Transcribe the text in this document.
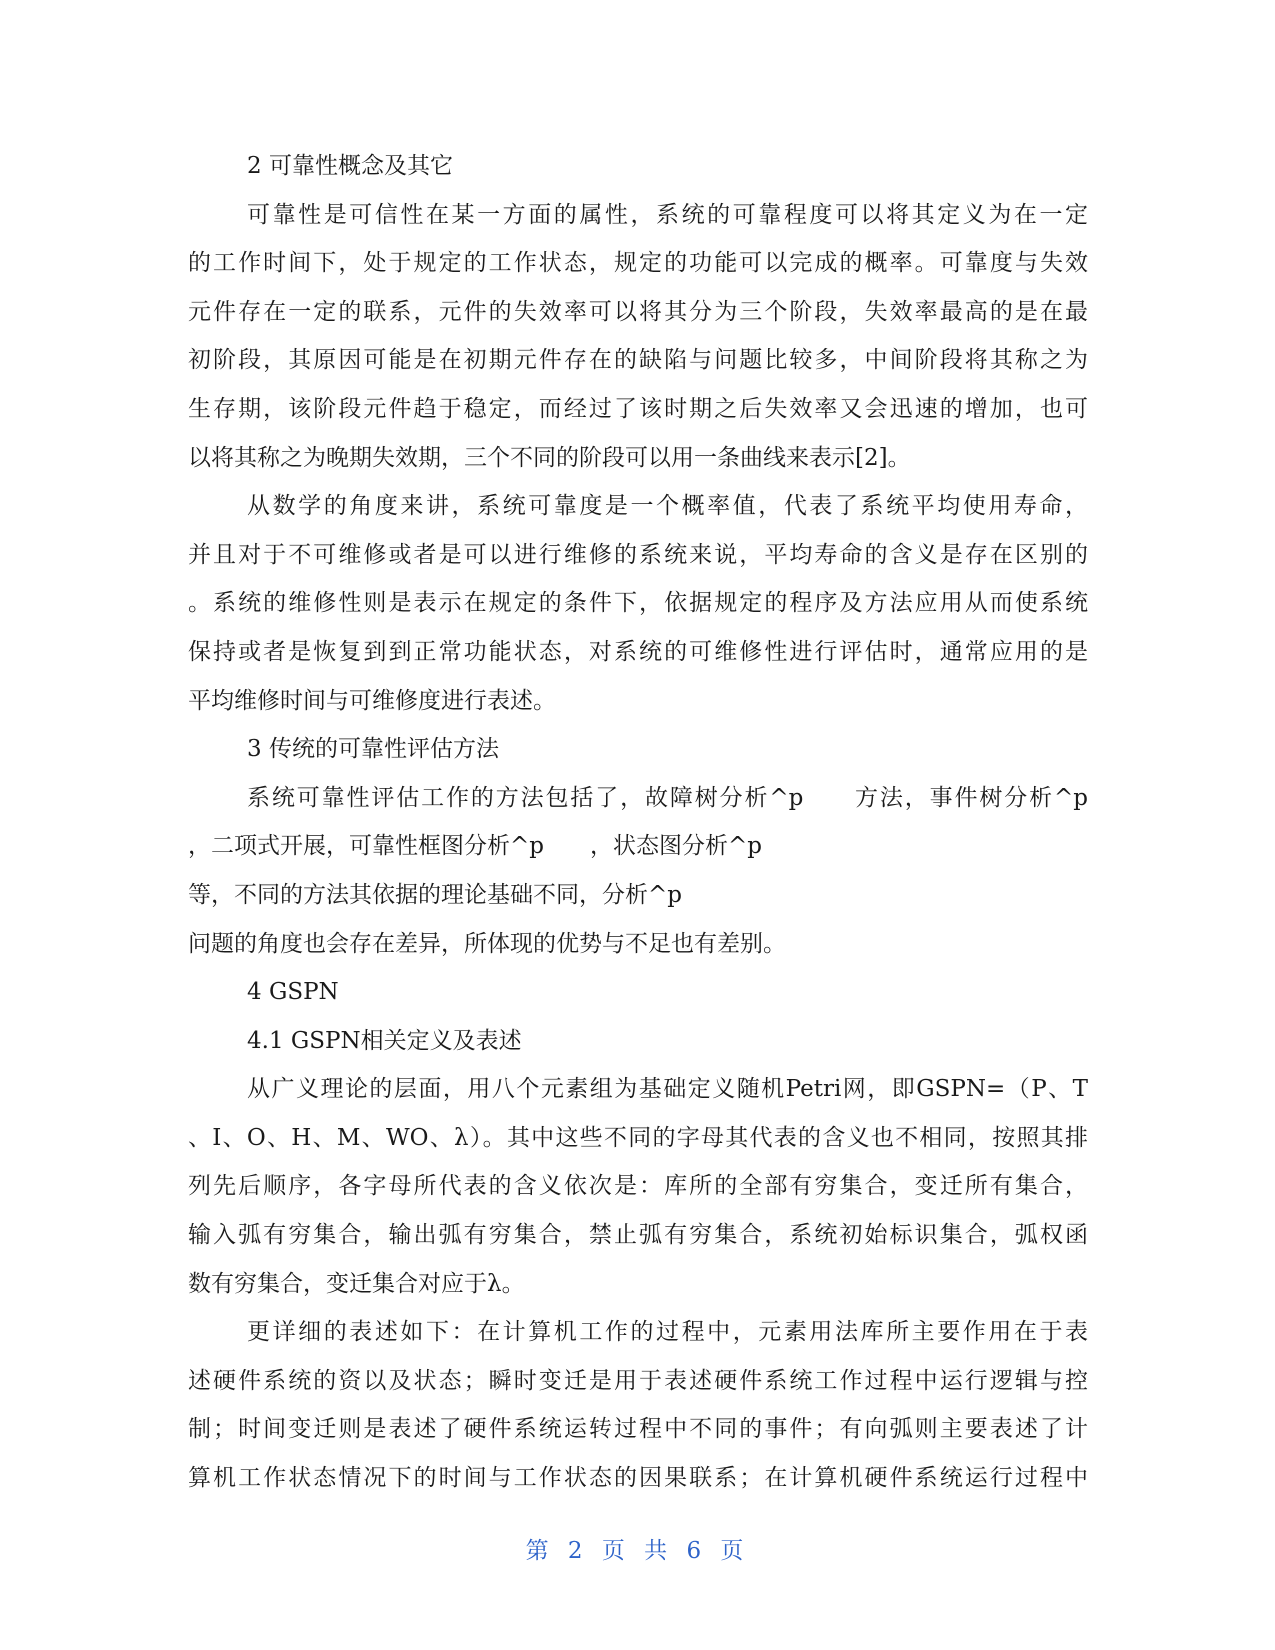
2 可靠性概念及其它
可靠性是可信性在某一方面的属性，系统的可靠程度可以将其定义为在一定
的工作时间下，处于规定的工作状态，规定的功能可以完成的概率。可靠度与失效
元件存在一定的联系，元件的失效率可以将其分为三个阶段，失效率最高的是在最
初阶段，其原因可能是在初期元件存在的缺陷与问题比较多，中间阶段将其称之为
生存期，该阶段元件趋于稳定，而经过了该时期之后失效率又会迅速的增加，也可
以将其称之为晚期失效期，三个不同的阶段可以用一条曲线来表示[2]。
从数学的角度来讲，系统可靠度是一个概率值，代表了系统平均使用寿命，
并且对于不可维修或者是可以进行维修的系统来说，平均寿命的含义是存在区别的
。系统的维修性则是表示在规定的条件下，依据规定的程序及方法应用从而使系统
保持或者是恢复到到正常功能状态，对系统的可维修性进行评估时，通常应用的是
平均维修时间与可维修度进行表述。
3 传统的可靠性评估方法
系统可靠性评估工作的方法包括了，故障树分析^p　　方法，事件树分析^p
，二项式开展，可靠性框图分析^p　　，状态图分析^p
等，不同的方法其依据的理论基础不同，分析^p
问题的角度也会存在差异，所体现的优势与不足也有差别。
4 GSPN
4.1 GSPN相关定义及表述
从广义理论的层面，用八个元素组为基础定义随机Petri网，即GSPN=（P、T
、I、O、H、M、WO、λ）。其中这些不同的字母其代表的含义也不相同，按照其排
列先后顺序，各字母所代表的含义依次是：库所的全部有穷集合，变迁所有集合，
输入弧有穷集合，输出弧有穷集合，禁止弧有穷集合，系统初始标识集合，弧权函
数有穷集合，变迁集合对应于λ。
更详细的表述如下：在计算机工作的过程中，元素用法库所主要作用在于表
述硬件系统的资以及状态；瞬时变迁是用于表述硬件系统工作过程中运行逻辑与控
制；时间变迁则是表述了硬件系统运转过程中不同的事件；有向弧则主要表述了计
算机工作状态情况下的时间与工作状态的因果联系；在计算机硬件系统运行过程中
第 2 页 共 6 页
